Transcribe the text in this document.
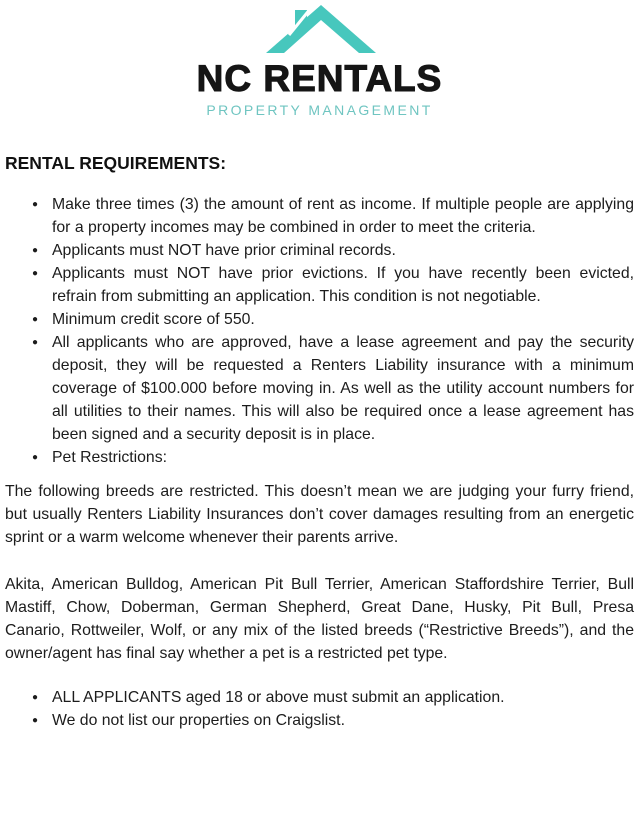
NC RENTALS
PROPERTY MANAGEMENT
RENTAL REQUIREMENTS:
● Make three times (3) the amount of rent as income. If multiple people are applying for a property incomes may be combined in order to meet the criteria.
● Applicants must NOT have prior criminal records.
● Applicants must NOT have prior evictions. If you have recently been evicted, refrain from submitting an application. This condition is not negotiable.
● Minimum credit score of 550.
● All applicants who are approved, have a lease agreement and pay the security deposit, they will be requested a Renters Liability insurance with a minimum coverage of $100.000 before moving in. As well as the utility account numbers for all utilities to their names. This will also be required once a lease agreement has been signed and a security deposit is in place.
● Pet Restrictions:

The following breeds are restricted. This doesn’t mean we are judging your furry friend, but usually Renters Liability Insurances don’t cover damages resulting from an energetic sprint or a warm welcome whenever their parents arrive.

Akita, American Bulldog, American Pit Bull Terrier, American Staffordshire Terrier, Bull Mastiff, Chow, Doberman, German Shepherd, Great Dane, Husky, Pit Bull, Presa Canario, Rottweiler, Wolf, or any mix of the listed breeds (“Restrictive Breeds”), and the owner/agent has final say whether a pet is a restricted pet type.

● ALL APPLICANTS aged 18 or above must submit an application.
● We do not list our properties on Craigslist.
